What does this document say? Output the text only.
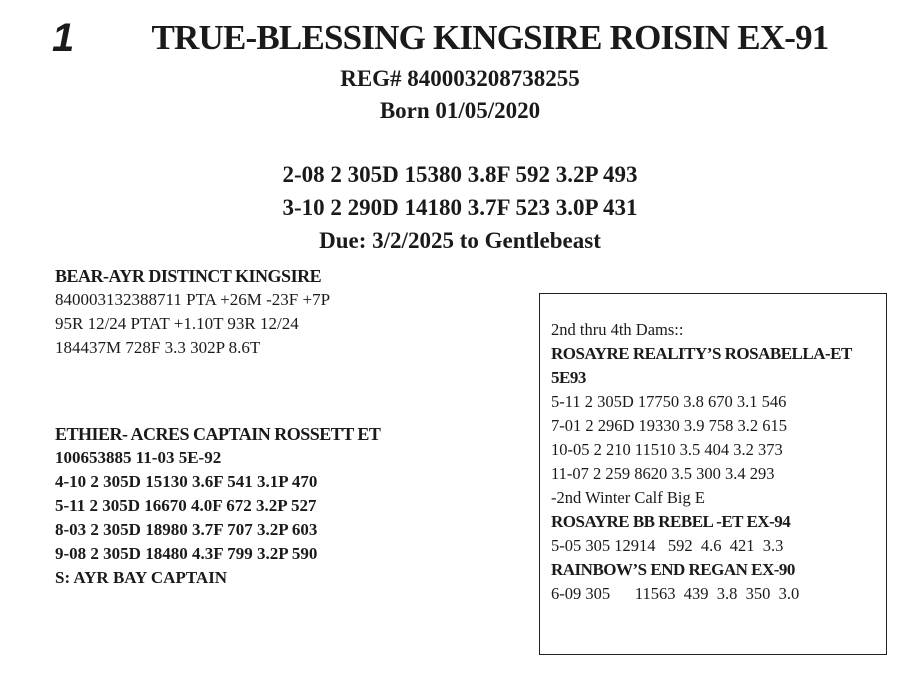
1	TRUE-BLESSING KINGSIRE ROISIN EX-91
REG# 840003208738255
Born 01/05/2020
2-08 2 305D 15380 3.8F 592 3.2P 493
3-10 2 290D 14180 3.7F 523 3.0P 431
Due: 3/2/2025 to Gentlebeast
BEAR-AYR DISTINCT KINGSIRE
840003132388711 PTA +26M -23F +7P
95R 12/24 PTAT +1.10T 93R 12/24
184437M 728F 3.3 302P 8.6T
ETHIER- ACRES CAPTAIN ROSSETT ET
100653885 11-03 5E-92
4-10 2 305D 15130 3.6F 541 3.1P 470
5-11 2 305D 16670 4.0F 672 3.2P 527
8-03 2 305D 18980 3.7F 707 3.2P 603
9-08 2 305D 18480 4.3F 799 3.2P 590
S: AYR BAY CAPTAIN
2nd thru 4th Dams::
ROSAYRE REALITY’S ROSABELLA-ET
5E93
5-11 2 305D 17750 3.8 670 3.1 546
7-01 2 296D 19330 3.9 758 3.2 615
10-05 2 210 11510 3.5 404 3.2 373
11-07 2 259 8620 3.5 300 3.4 293
-2nd Winter Calf Big E
ROSAYRE BB REBEL -ET EX-94
5-05 305 12914   592  4.6  421  3.3
RAINBOW’S END REGAN EX-90
6-09 305      11563  439  3.8  350  3.0
